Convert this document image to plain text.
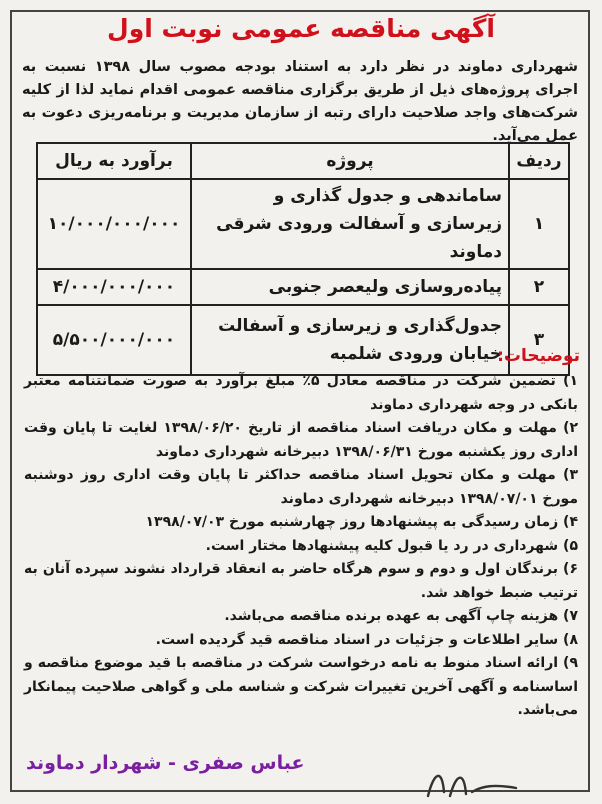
آگهی مناقصه عمومی نوبت اول
شهرداری دماوند در نظر دارد به استناد بودجه مصوب سال ۱۳۹۸ نسبت به اجرای پروژه‌های ذیل از طریق برگزاری مناقصه عمومی اقدام نماید لذا از کلیه شرکت‌های واجد صلاحیت دارای رتبه از سازمان مدیریت و برنامه‌ریزی دعوت به عمل می‌آید.
ردیف	پروژه	برآورد به ریال
۱	ساماندهی و جدول گذاری و زیرسازی و آسفالت ورودی شرقی دماوند	۱۰/۰۰۰/۰۰۰/۰۰۰
۲	پیاده‌روسازی ولیعصر جنوبی	۴/۰۰۰/۰۰۰/۰۰۰
۳	جدول‌گذاری و زیرسازی و آسفالت خیابان ورودی شلمبه	۵/۵۰۰/۰۰۰/۰۰۰
توضیحات:
۱) تضمین شرکت در مناقصه معادل ۵٪ مبلغ برآورد به صورت ضمانتنامه معتبر بانکی در وجه شهرداری دماوند
۲) مهلت و مکان دریافت اسناد مناقصه از تاریخ ۱۳۹۸/۰۶/۲۰ لغایت تا پایان وقت اداری روز یکشنبه مورخ ۱۳۹۸/۰۶/۳۱ دبیرخانه شهرداری دماوند
۳) مهلت و مکان تحویل اسناد مناقصه حداکثر تا پایان وقت اداری روز دوشنبه مورخ ۱۳۹۸/۰۷/۰۱ دبیرخانه شهرداری دماوند
۴) زمان رسیدگی به پیشنهادها روز چهارشنبه مورخ ۱۳۹۸/۰۷/۰۳
۵) شهرداری در رد یا قبول کلیه پیشنهادها مختار است.
۶) برندگان اول و دوم و سوم هرگاه حاضر به انعقاد قرارداد نشوند سپرده آنان به ترتیب ضبط خواهد شد.
۷) هزینه چاپ آگهی به عهده برنده مناقصه می‌باشد.
۸) سایر اطلاعات و جزئیات در اسناد مناقصه قید گردیده است.
۹) ارائه اسناد منوط به نامه درخواست شرکت در مناقصه با قید موضوع مناقصه و اساسنامه و آگهی آخرین تغییرات شرکت و شناسه ملی و گواهی صلاحیت پیمانکار می‌باشد.
عباس صفری - شهردار دماوند
